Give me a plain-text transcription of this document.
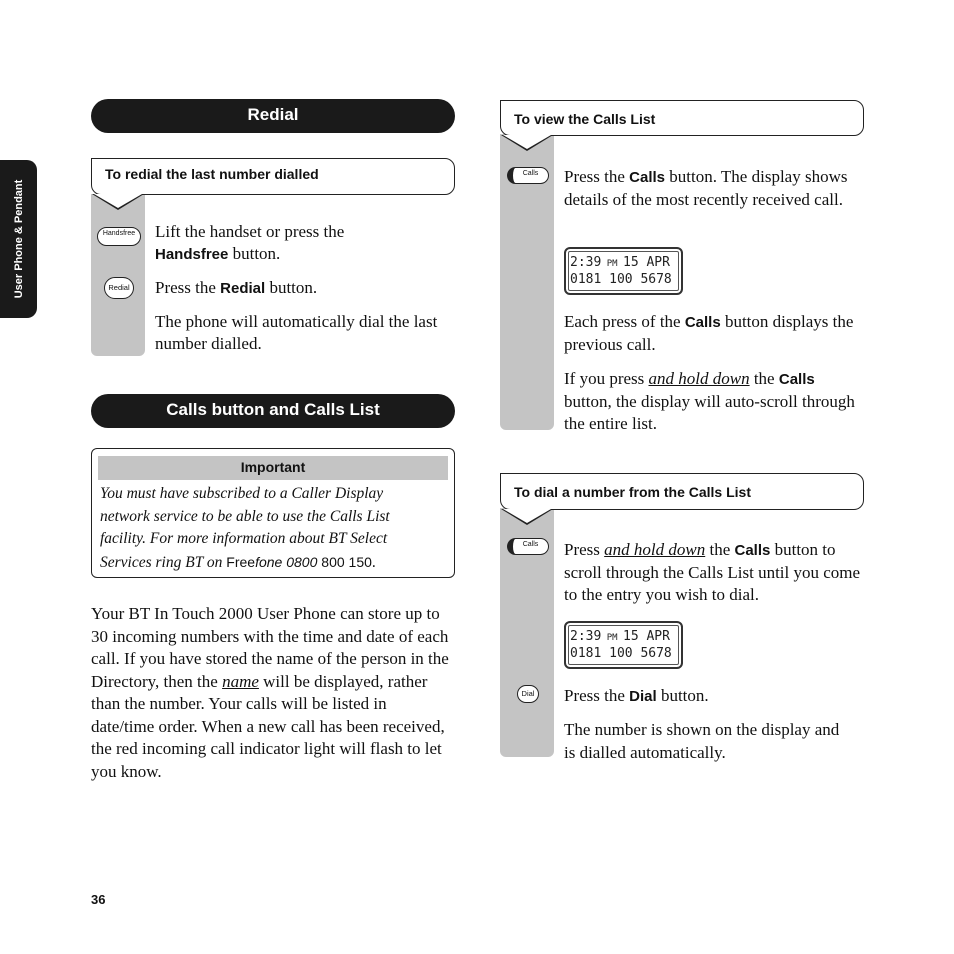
User Phone & Pendant
Redial
To redial the last number dialled
Handsfree
Redial
Lift the handset or press the
Handsfree button.
Press the Redial button.
The phone will automatically dial the last number dialled.
Calls button and Calls List
Important
You must have subscribed to a Caller Display network service to be able to use the Calls List facility. For more information about BT Select Services ring BT on Freefone 0800 800 150.
Your BT In Touch 2000 User Phone can store up to 30 incoming numbers with the time and date of each call. If you have stored the name of the person in the Directory, then the name will be displayed, rather than the number. Your calls will be listed in date/time order. When a new call has been received, the red incoming call indicator light will flash to let you know.
36
To view the Calls List
Calls	Press the Calls button. The display shows details of the most recently received call.
2:39 PM 15 APR
0181 100 5678
Each press of the Calls button displays the previous call.
If you press and hold down the Calls button, the display will auto-scroll through the entire list.
To dial a number from the Calls List
Calls	Press and hold down the Calls button to scroll through the Calls List until you come to the entry you wish to dial.
2:39 PM 15 APR
0181 100 5678
Dial Press the Dial button.
The number is shown on the display and is dialled automatically.
